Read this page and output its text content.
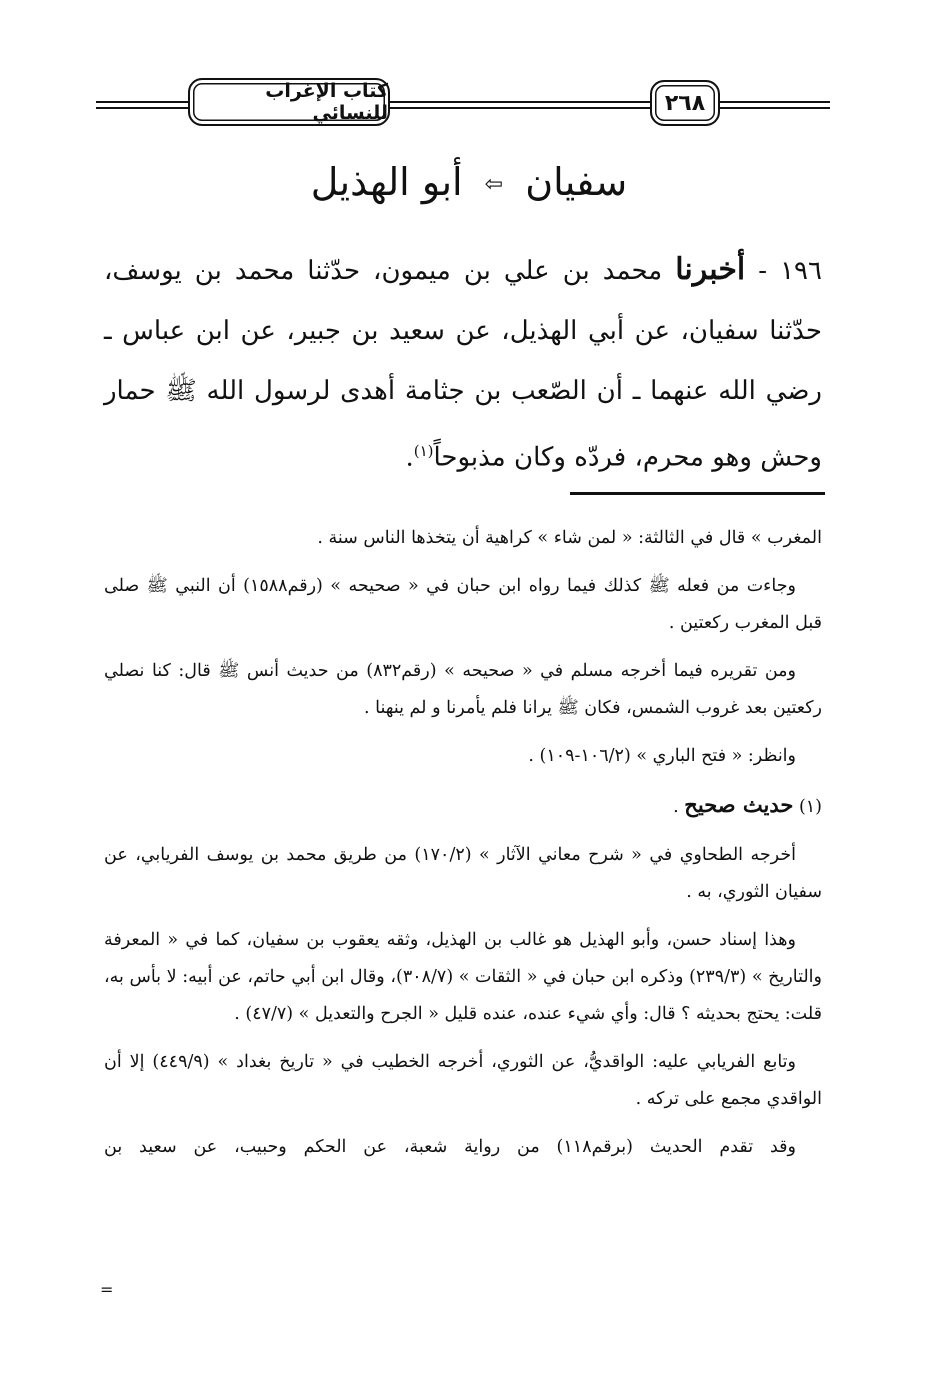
٢٦٨
كتاب الإغراب للنسائي
سفيان ⇦ أبو الهذيل
١٩٦ - أخبرنا محمد بن علي بن ميمون، حدّثنا محمد بن يوسف، حدّثنا سفيان، عن أبي الهذيل، عن سعيد بن جبير، عن ابن عباس ـ رضي الله عنهما ـ أن الصّعب بن جثامة أهدى لرسول الله ﷺ حمار وحش وهو محرم، فردّه وكان مذبوحاً$^{(١)}$.

المغرب » قال في الثالثة: « لمن شاء » كراهية أن يتخذها الناس سنة .

وجاءت من فعله ﷺ كذلك فيما رواه ابن حبان في « صحيحه » (رقم١٥٨٨) أن النبي ﷺ صلى قبل المغرب ركعتين .

ومن تقريره فيما أخرجه مسلم في « صحيحه » (رقم٨٣٢) من حديث أنس ﷺ قال: كنا نصلي ركعتين بعد غروب الشمس، فكان ﷺ يرانا فلم يأمرنا و لم ينهنا .

وانظر: « فتح الباري » (١٠٦/٢-١٠٩) .

(١) حديث صحيح .

أخرجه الطحاوي في « شرح معاني الآثار » (١٧٠/٢) من طريق محمد بن يوسف الفريابي، عن سفيان الثوري، به .

وهذا إسناد حسن، وأبو الهذيل هو غالب بن الهذيل، وثقه يعقوب بن سفيان، كما في « المعرفة والتاريخ » (٢٣٩/٣) وذكره ابن حبان في « الثقات » (٣٠٨/٧)، وقال ابن أبي حاتم، عن أبيه: لا بأس به، قلت: يحتج بحديثه ؟ قال: وأي شيء عنده، عنده قليل « الجرح والتعديل » (٤٧/٧) .

وتابع الفريابي عليه: الواقديُّ، عن الثوري، أخرجه الخطيب في « تاريخ بغداد » (٤٤٩/٩) إلا أن الواقدي مجمع على تركه .

وقد تقدم الحديث (برقم١١٨) من رواية شعبة، عن الحكم وحبيب، عن سعيد بن

=
